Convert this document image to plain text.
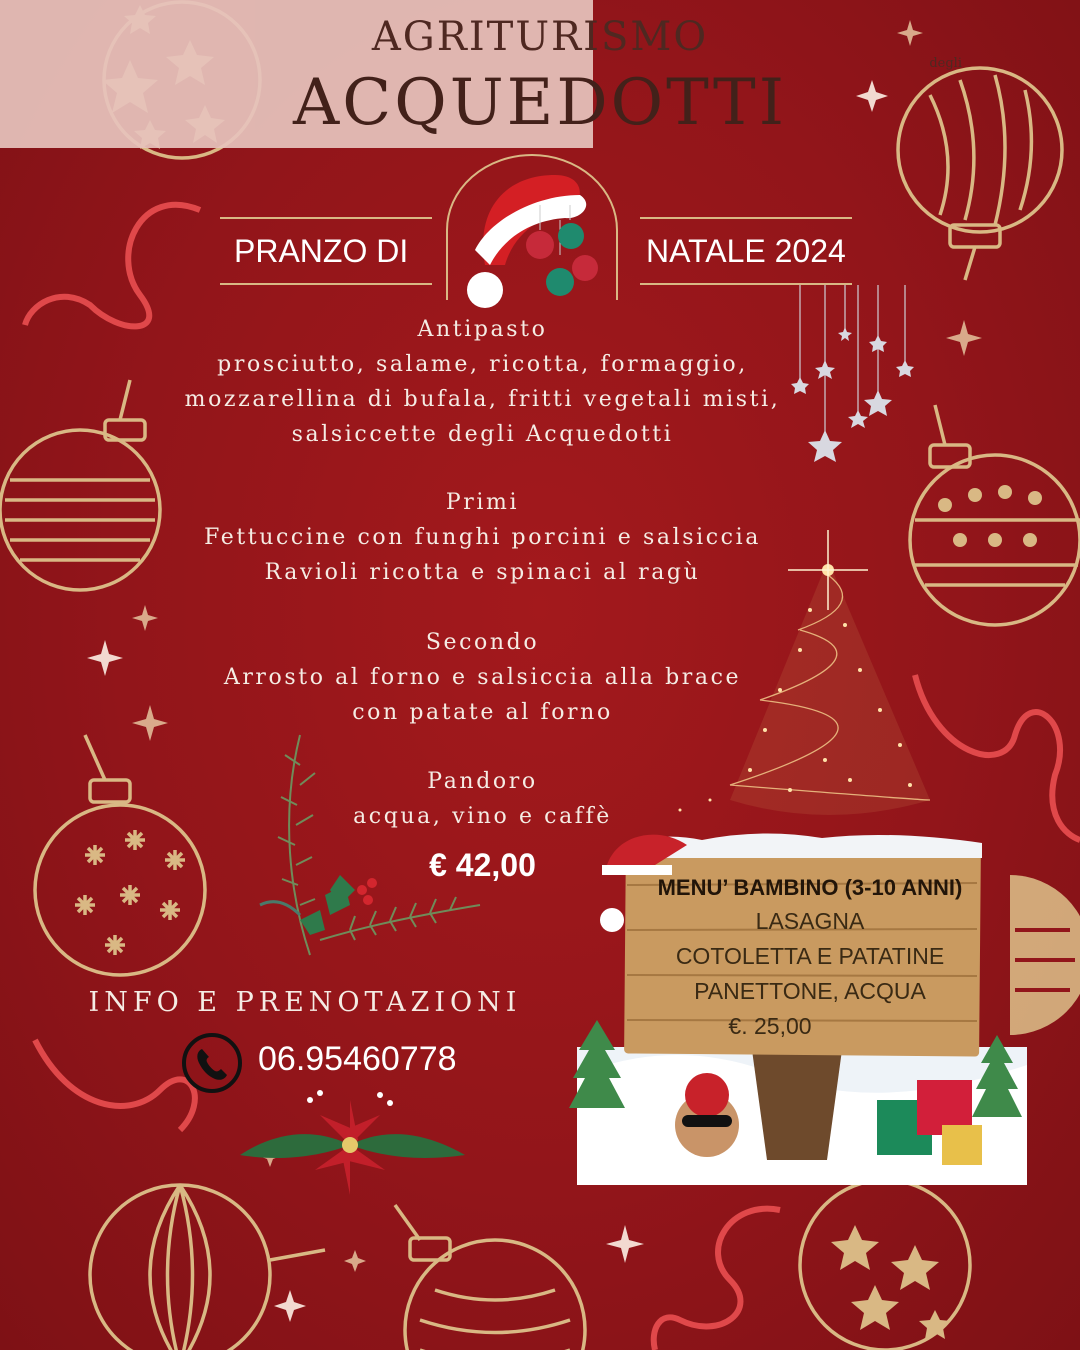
AGRITURISMO
degli
ACQUEDOTTI
PRANZO DI	NATALE 2024
Antipasto
prosciutto, salame, ricotta, formaggio,
mozzarellina di bufala, fritti vegetali misti,
salsiccette degli Acquedotti
Primi
Fettuccine con funghi porcini e salsiccia
Ravioli ricotta e spinaci al ragù
Secondo
Arrosto al forno e salsiccia alla brace
con patate al forno
Pandoro
acqua, vino e caffè
€ 42,00
INFO E PRENOTAZIONI
06.95460778
MENU’ BAMBINO (3-10 ANNI)
LASAGNA
COTOLETTA E PATATINE
PANETTONE, ACQUA
€. 25,00
